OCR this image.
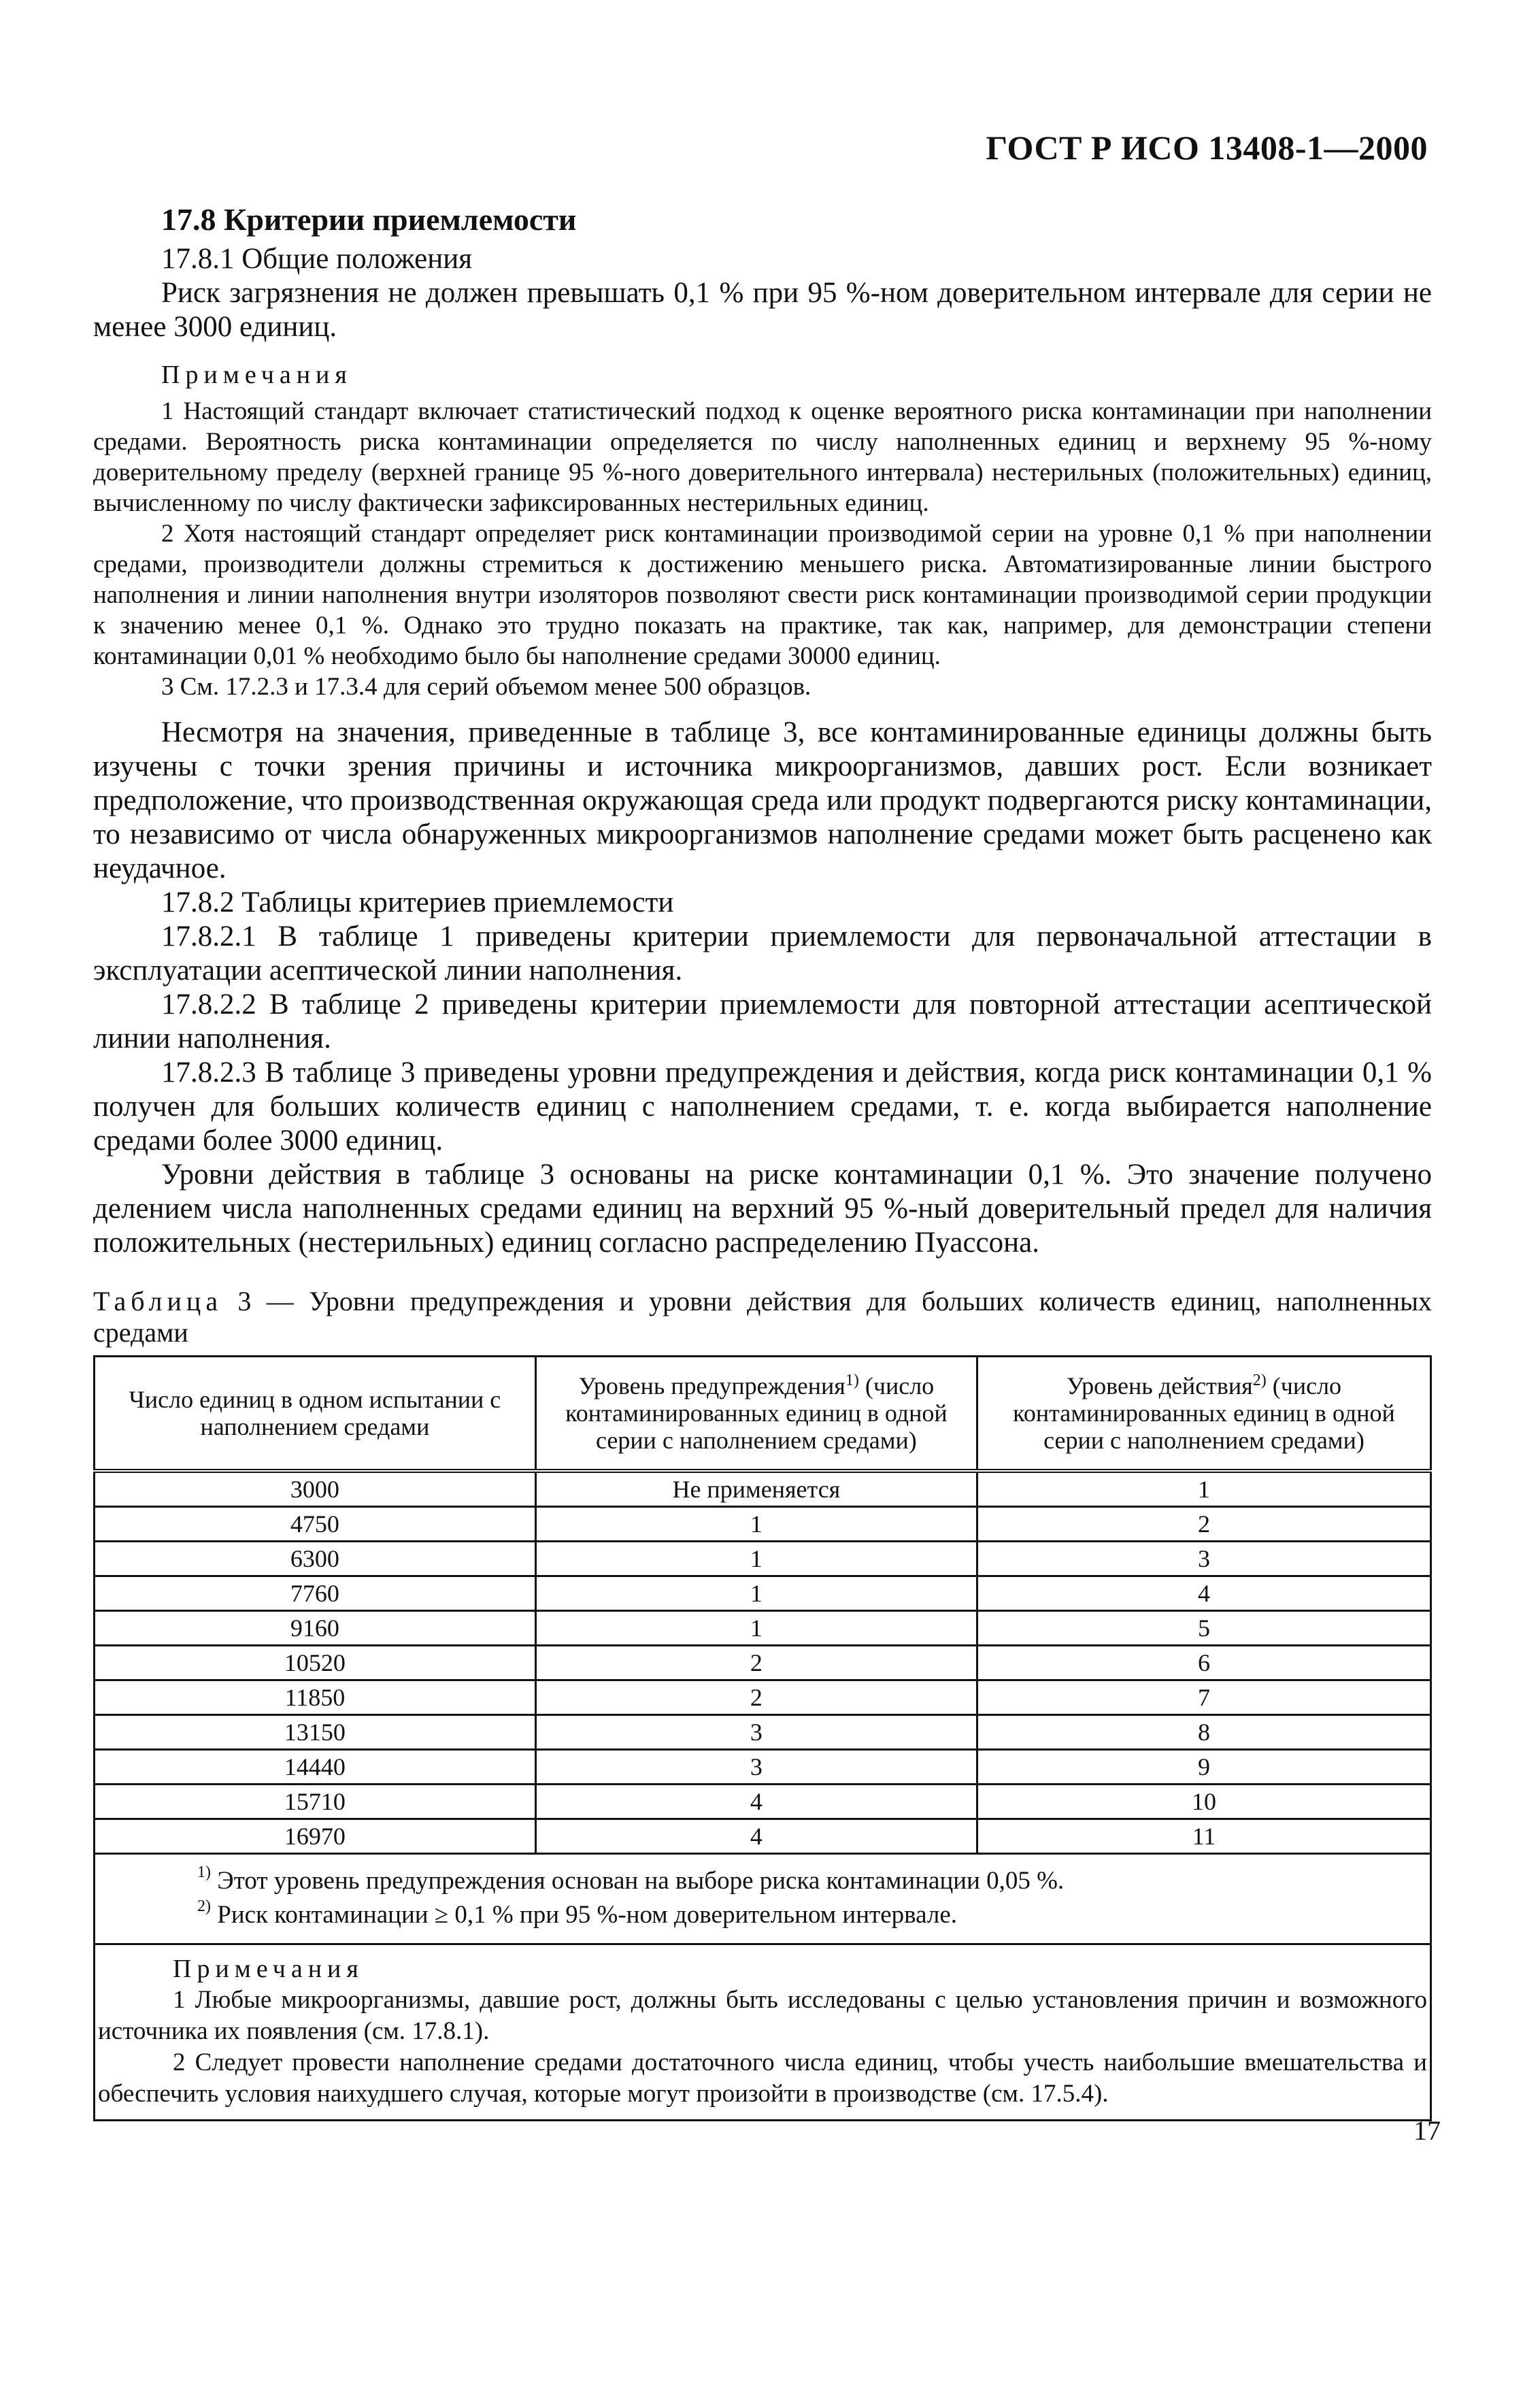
ГОСТ Р ИСО 13408-1—2000
17.8 Критерии приемлемости

17.8.1 Общие положения

Риск загрязнения не должен превышать 0,1 % при 95 %-ном доверительном интервале для серии не менее 3000 единиц.

Примечания

1 Настоящий стандарт включает статистический подход к оценке вероятного риска контаминации при наполнении средами. Вероятность риска контаминации определяется по числу наполненных единиц и верхнему 95 %-ному доверительному пределу (верхней границе 95 %-ного доверительного интервала) нестерильных (положительных) единиц, вычисленному по числу фактически зафиксированных нестерильных единиц.

2 Хотя настоящий стандарт определяет риск контаминации производимой серии на уровне 0,1 % при наполнении средами, производители должны стремиться к достижению меньшего риска. Автоматизированные линии быстрого наполнения и линии наполнения внутри изоляторов позволяют свести риск контаминации производимой серии продукции к значению менее 0,1 %. Однако это трудно показать на практике, так как, например, для демонстрации степени контаминации 0,01 % необходимо было бы наполнение средами 30000 единиц.

3 См. 17.2.3 и 17.3.4 для серий объемом менее 500 образцов.

Несмотря на значения, приведенные в таблице 3, все контаминированные единицы должны быть изучены с точки зрения причины и источника микроорганизмов, давших рост. Если возникает предположение, что производственная окружающая среда или продукт подвергаются риску контаминации, то независимо от числа обнаруженных микроорганизмов наполнение средами может быть расценено как неудачное.

17.8.2 Таблицы критериев приемлемости

17.8.2.1 В таблице 1 приведены критерии приемлемости для первоначальной аттестации в эксплуатации асептической линии наполнения.

17.8.2.2 В таблице 2 приведены критерии приемлемости для повторной аттестации асептической линии наполнения.

17.8.2.3 В таблице 3 приведены уровни предупреждения и действия, когда риск контаминации 0,1 % получен для больших количеств единиц с наполнением средами, т. е. когда выбирается наполнение средами более 3000 единиц.

Уровни действия в таблице 3 основаны на риске контаминации 0,1 %. Это значение получено делением числа наполненных средами единиц на верхний 95 %-ный доверительный предел для наличия положительных (нестерильных) единиц согласно распределению Пуассона.

Таблица 3 — Уровни предупреждения и уровни действия для больших количеств единиц, наполненных средами
Число единиц в одном испытании с наполнением средами	Уровень предупреждения$^{1)}$ (число контаминированных единиц в одной серии с наполнением средами)	Уровень действия$^{2)}$ (число контаминированных единиц в одной серии с наполнением средами)
3000	Не применяется	1
4750	1	2
6300	1	3
7760	1	4
9160	1	5
10520	2	6
11850	2	7
13150	3	8
14440	3	9
15710	4	10
16970	4	11

$^{1)}$ Этот уровень предупреждения основан на выборе риска контаминации 0,05 %.
$^{2)}$ Риск контаминации ≥ 0,1 % при 95 %-ном доверительном интервале.		

Примечания
1 Любые микроорганизмы, давшие рост, должны быть исследованы с целью установления причин и возможного источника их появления (см. 17.8.1).
2 Следует провести наполнение средами достаточного числа единиц, чтобы учесть наибольшие вмешательства и обеспечить условия наихудшего случая, которые могут произойти в производстве (см. 17.5.4).		
17
